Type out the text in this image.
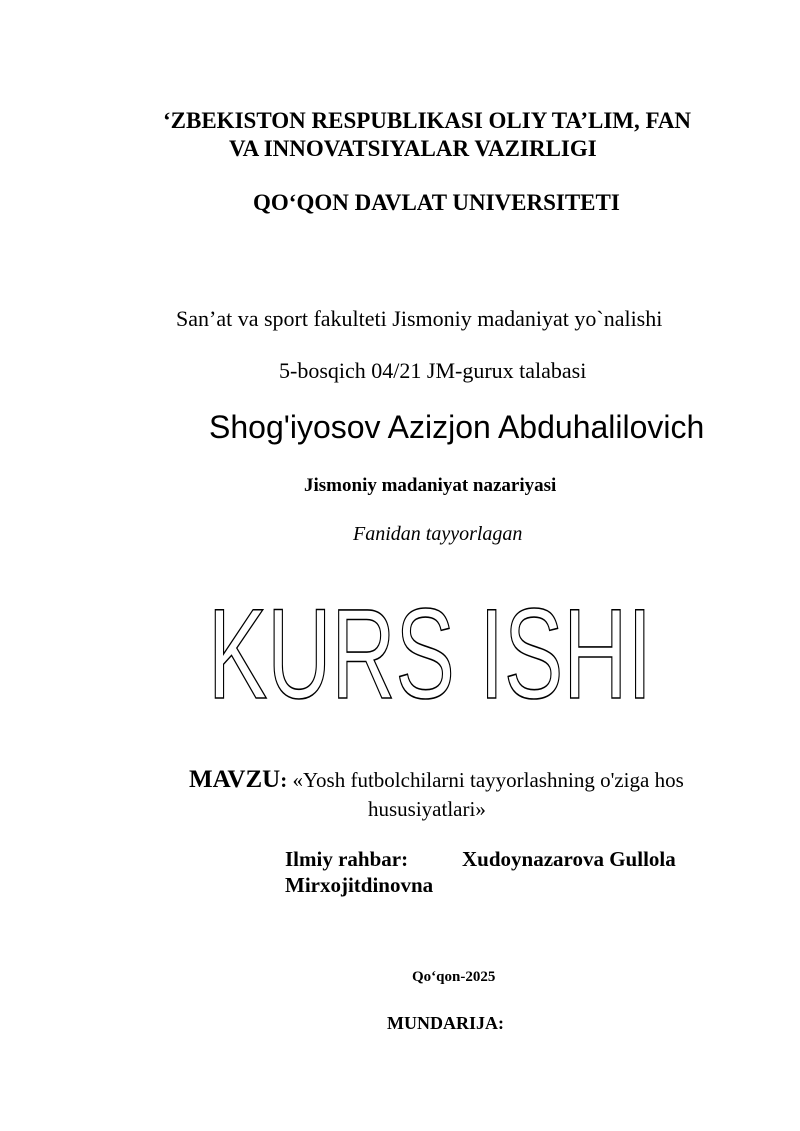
‘ZBEKISTON RESPUBLIKASI OLIY TA’LIM, FAN
VA INNOVATSIYALAR VAZIRLIGI
QO‘QON DAVLAT UNIVERSITETI
San’at va sport fakulteti Jismoniy madaniyat yo`nalishi
5-bosqich 04/21 JM-gurux talabasi
Shog'iyosov Azizjon Abduhalilovich
Jismoniy madaniyat nazariyasi
Fanidan tayyorlagan
KURS ISHI
MAVZU: «Yosh futbolchilarni tayyorlashning o'ziga hos
hususiyatlari»
Ilmiy rahbar:	Xudoynazarova Gullola
Mirxojitdinovna
Qo‘qon-2025
MUNDARIJA:
